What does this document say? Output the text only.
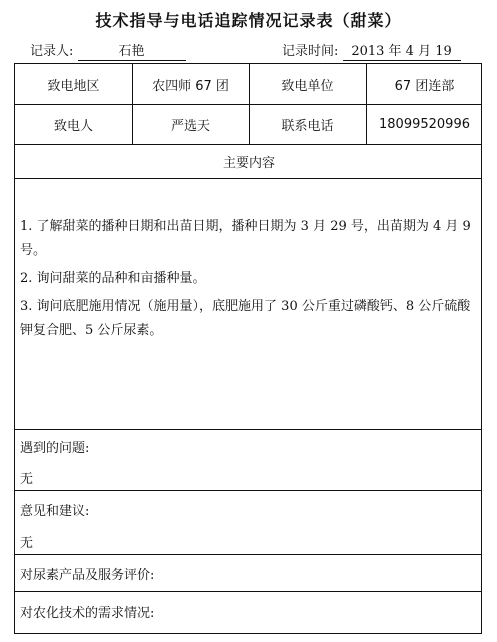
技术指导与电话追踪情况记录表（甜菜）
记录人:	石艳	记录时间: 2013 年 4 月 19
致电地区	农四师 67 团	致电单位	67 团连部
致电人	严选天	联系电话	18099520996
主要内容
1. 了解甜菜的播种日期和出苗日期，播种日期为 3 月 29 号，出苗期为 4 月 9 号。
2. 询问甜菜的品种和亩播种量。
3. 询问底肥施用情况（施用量），底肥施用了 30 公斤重过磷酸钙、8 公斤硫酸钾复合肥、5 公斤尿素。
遇到的问题:
无
意见和建议:
无
对尿素产品及服务评价:
对农化技术的需求情况:
